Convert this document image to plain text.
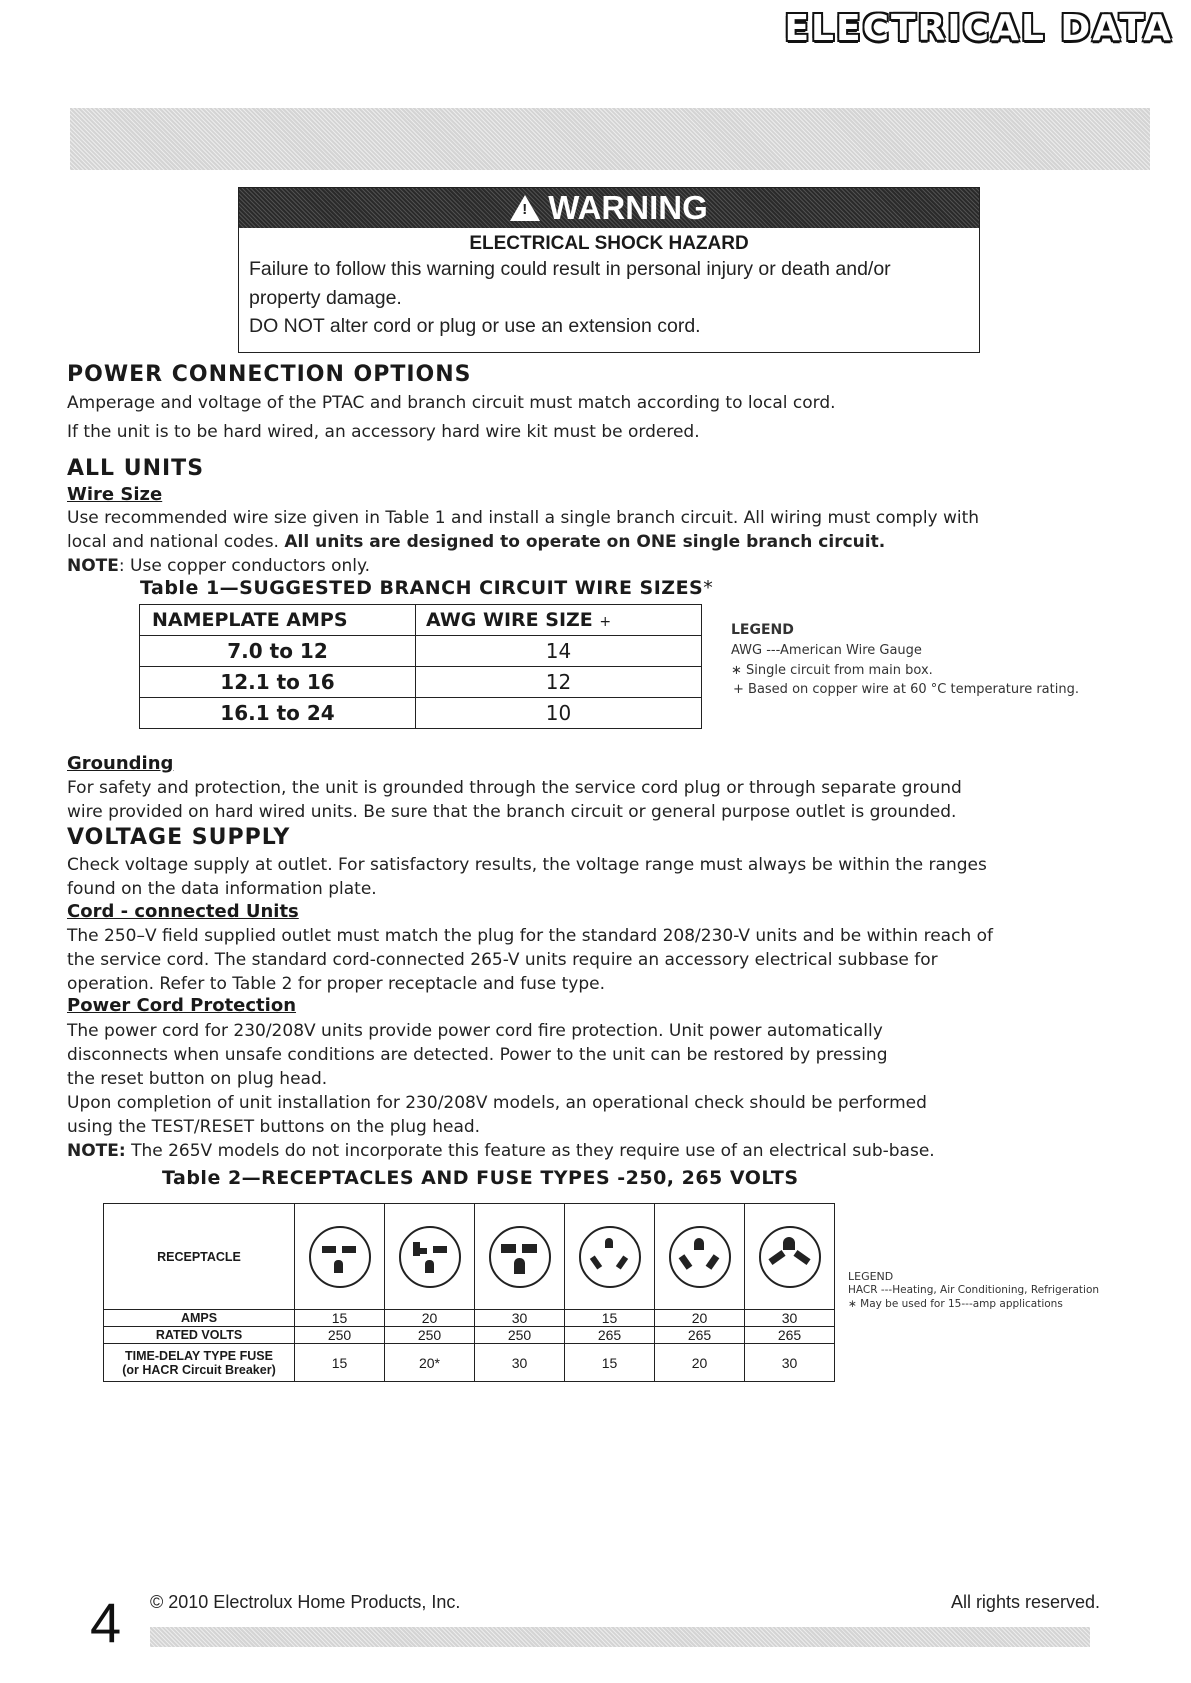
ELECTRICAL DATA
! WARNING
ELECTRICAL SHOCK HAZARD
Failure to follow this warning could result in personal injury or death and/or
property damage.
DO NOT alter cord or plug or use an extension cord.
POWER CONNECTION OPTIONS
Amperage and voltage of the PTAC and branch circuit must match according to local cord.
If the unit is to be hard wired, an accessory hard wire kit must be ordered.
ALL UNITS
Wire Size
Use recommended wire size given in Table 1 and install a single branch circuit. All wiring must comply with
local and national codes. All units are designed to operate on ONE single branch circuit.
NOTE: Use copper conductors only.
Table 1—SUGGESTED BRANCH CIRCUIT WIRE SIZES*
NAMEPLATE AMPS	AWG WIRE SIZE +
7.0 to 12	14
12.1 to 16	12
16.1 to 24	10
LEGEND
AWG ---American Wire Gauge
∗ Single circuit from main box.
+ Based on copper wire at 60 °C temperature rating.
Grounding
For safety and protection, the unit is grounded through the service cord plug or through separate ground
wire provided on hard wired units. Be sure that the branch circuit or general purpose outlet is grounded.
VOLTAGE SUPPLY
Check voltage supply at outlet. For satisfactory results, the voltage range must always be within the ranges
found on the data information plate.
Cord - connected Units
The 250–V field supplied outlet must match the plug for the standard 208/230-V units and be within reach of
the service cord. The standard cord-connected 265-V units require an accessory electrical subbase for
operation. Refer to Table 2 for proper receptacle and fuse type.
Power Cord Protection
The power cord for 230/208V units provide power cord fire protection. Unit power automatically
disconnects when unsafe conditions are detected. Power to the unit can be restored by pressing
the reset button on plug head.
Upon completion of unit installation for 230/208V models, an operational check should be performed
using the TEST/RESET buttons on the plug head.
NOTE: The 265V models do not incorporate this feature as they require use of an electrical sub-base.
Table 2—RECEPTACLES AND FUSE TYPES -250, 265 VOLTS
RECEPTACLE	

AMPS	15	20	30	15	20	30
RATED VOLTS	250	250	250	265	265	265

TIME-DELAY TYPE FUSE
(or HACR Circuit Breaker)	15	20*	30	15	20	30
LEGEND
HACR ---Heating, Air Conditioning, Refrigeration
∗ May be used for 15---amp applications
4 © 2010 Electrolux Home Products, Inc.	All rights reserved.
